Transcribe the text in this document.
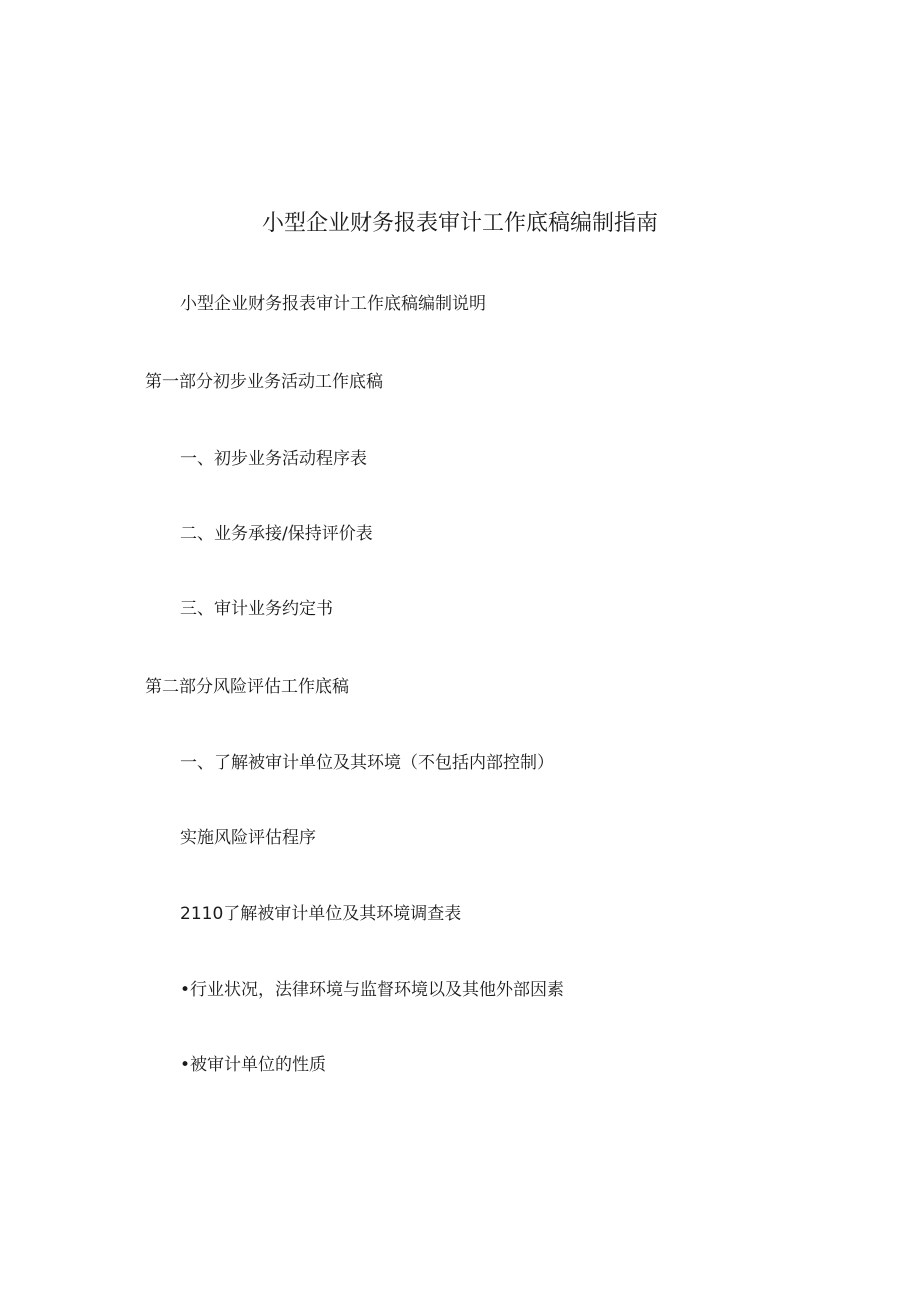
小型企业财务报表审计工作底稿编制指南

小型企业财务报表审计工作底稿编制说明

第一部分初步业务活动工作底稿

一、初步业务活动程序表

二、业务承接/保持评价表

三、审计业务约定书

第二部分风险评估工作底稿

一、了解被审计单位及其环境（不包括内部控制）

实施风险评估程序

2110了解被审计单位及其环境调查表

•行业状况，法律环境与监督环境以及其他外部因素

•被审计单位的性质
